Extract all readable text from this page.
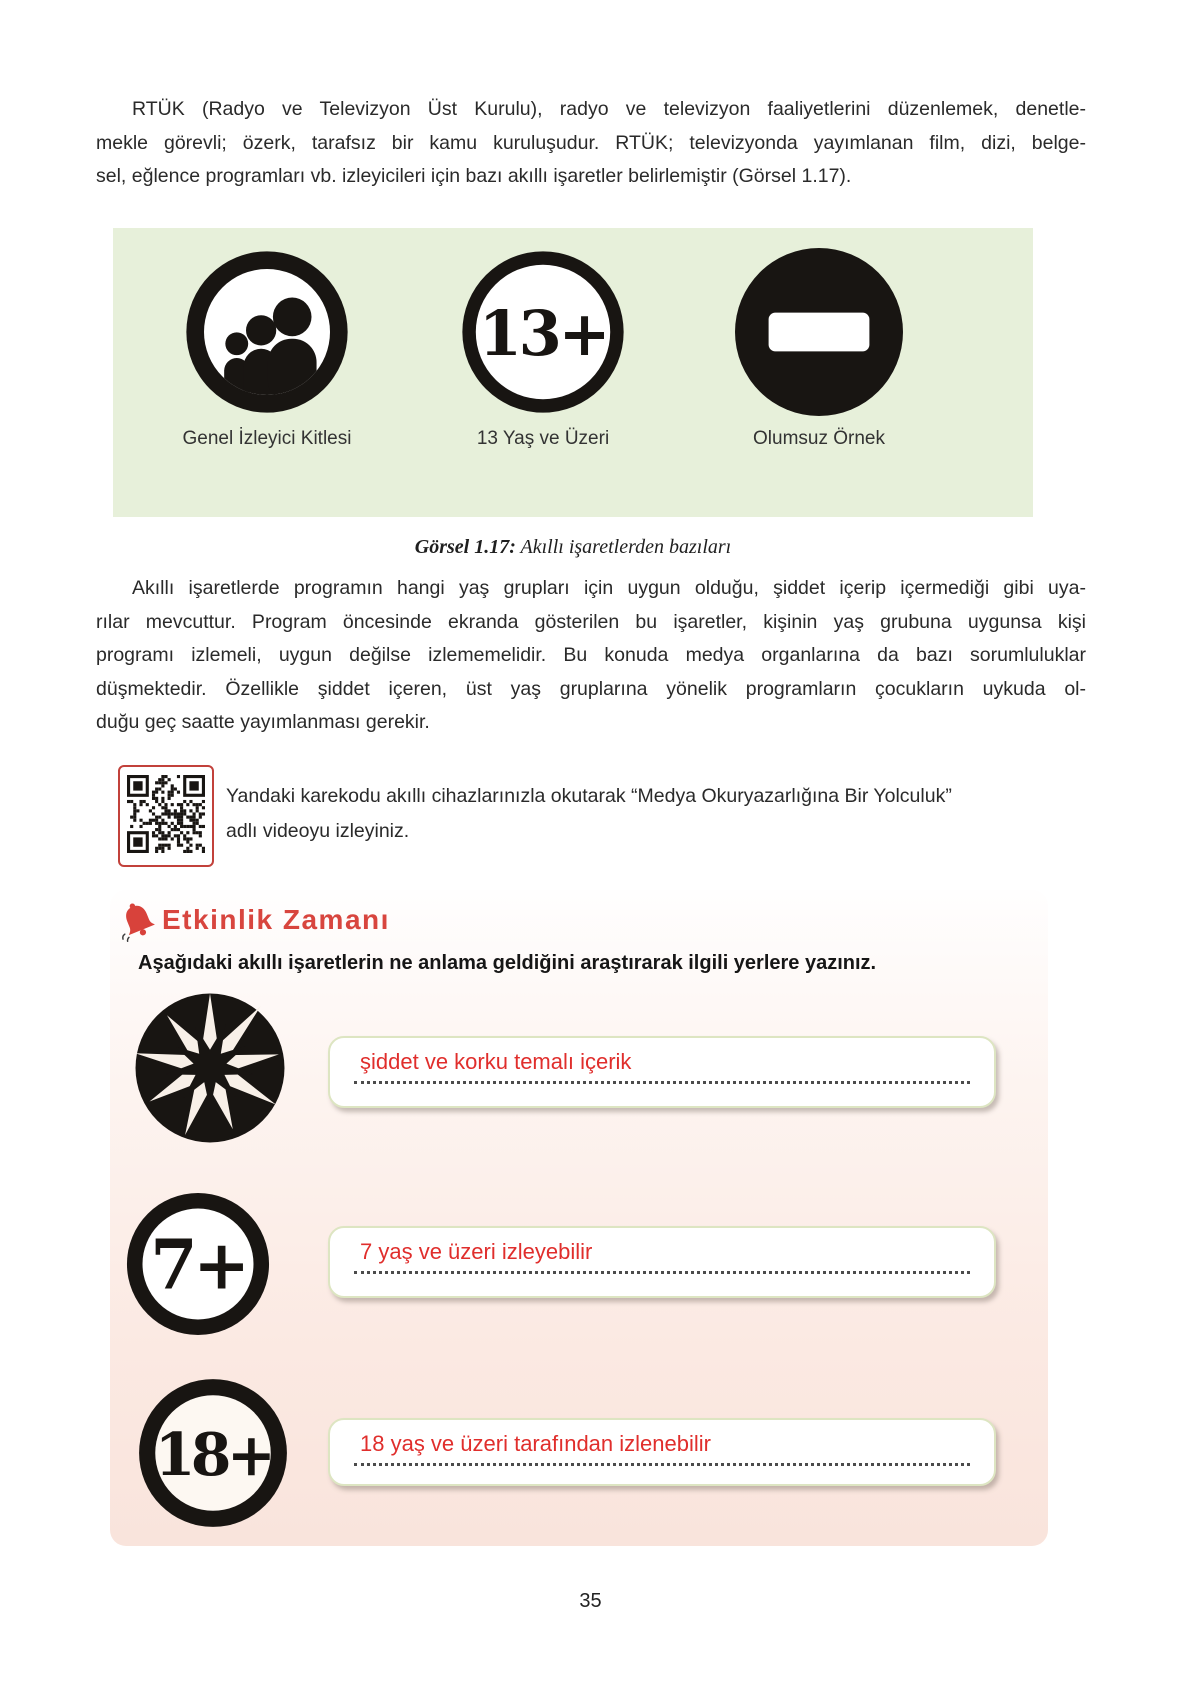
RTÜK (Radyo ve Televizyon Üst Kurulu), radyo ve televizyon faaliyetlerini düzenlemek, denetle-
mekle görevli; özerk, tarafsız bir kamu kuruluşudur. RTÜK; televizyonda yayımlanan film, dizi, belge-
sel, eğlence programları vb. izleyicileri için bazı akıllı işaretler belirlemiştir (Görsel 1.17).
Genel İzleyici Kitlesi
13+
13 Yaş ve Üzeri	Olumsuz Örnek
Görsel 1.17: Akıllı işaretlerden bazıları
Akıllı işaretlerde programın hangi yaş grupları için uygun olduğu, şiddet içerip içermediği gibi uya-
rılar mevcuttur. Program öncesinde ekranda gösterilen bu işaretler, kişinin yaş grubuna uygunsa kişi
programı izlemeli, uygun değilse izlememelidir. Bu konuda medya organlarına da bazı sorumluluklar
düşmektedir. Özellikle şiddet içeren, üst yaş gruplarına yönelik programların çocukların uykuda ol-
duğu geç saatte yayımlanması gerekir.
Yandaki karekodu akıllı cihazlarınızla okutarak “Medya Okuryazarlığına Bir Yolculuk”
adlı videoyu izleyiniz.
Etkinlik Zamanı
Aşağıdaki akıllı işaretlerin ne anlama geldiğini araştırarak ilgili yerlere yazınız.
şiddet ve korku temalı içerik
7+	7 yaş ve üzeri izleyebilir
18+	18 yaş ve üzeri tarafından izlenebilir
35
